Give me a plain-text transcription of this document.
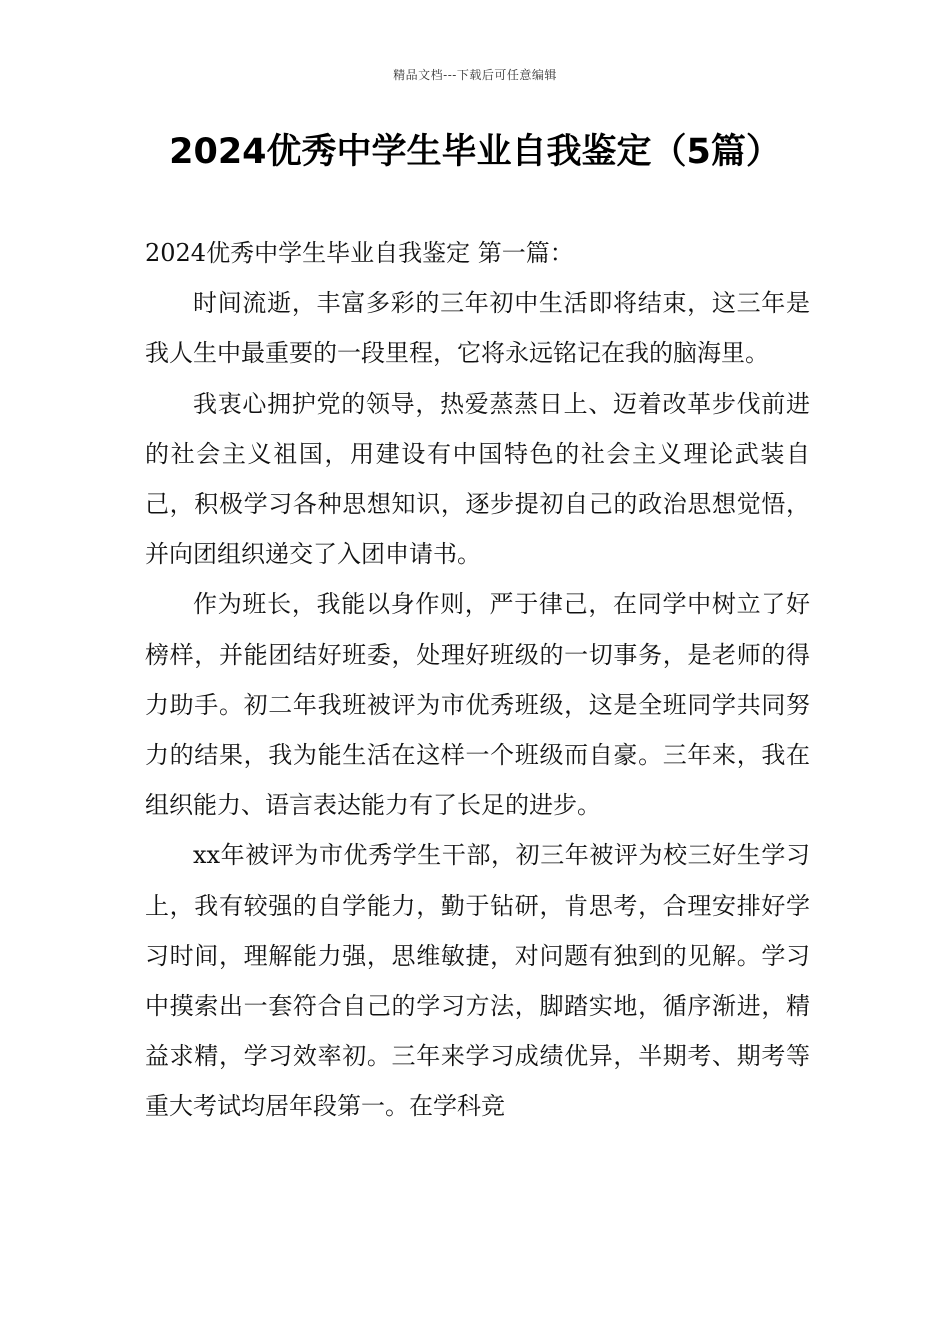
精品文档---下载后可任意编辑
2024优秀中学生毕业自我鉴定（5篇）

2024优秀中学生毕业自我鉴定 第一篇：

时间流逝，丰富多彩的三年初中生活即将结束，这三年是我人生中最重要的一段里程，它将永远铭记在我的脑海里。

我衷心拥护党的领导，热爱蒸蒸日上、迈着改革步伐前进的社会主义祖国，用建设有中国特色的社会主义理论武装自己，积极学习各种思想知识，逐步提初自己的政治思想觉悟，并向团组织递交了入团申请书。

作为班长，我能以身作则，严于律己，在同学中树立了好榜样，并能团结好班委，处理好班级的一切事务，是老师的得力助手。初二年我班被评为市优秀班级，这是全班同学共同努力的结果，我为能生活在这样一个班级而自豪。三年来，我在组织能力、语言表达能力有了长足的进步。

xx年被评为市优秀学生干部，初三年被评为校三好生学习上，我有较强的自学能力，勤于钻研，肯思考，合理安排好学习时间，理解能力强，思维敏捷，对问题有独到的见解。学习中摸索出一套符合自己的学习方法，脚踏实地，循序渐进，精益求精，学习效率初。三年来学习成绩优异，半期考、期考等重大考试均居年段第一。在学科竞
